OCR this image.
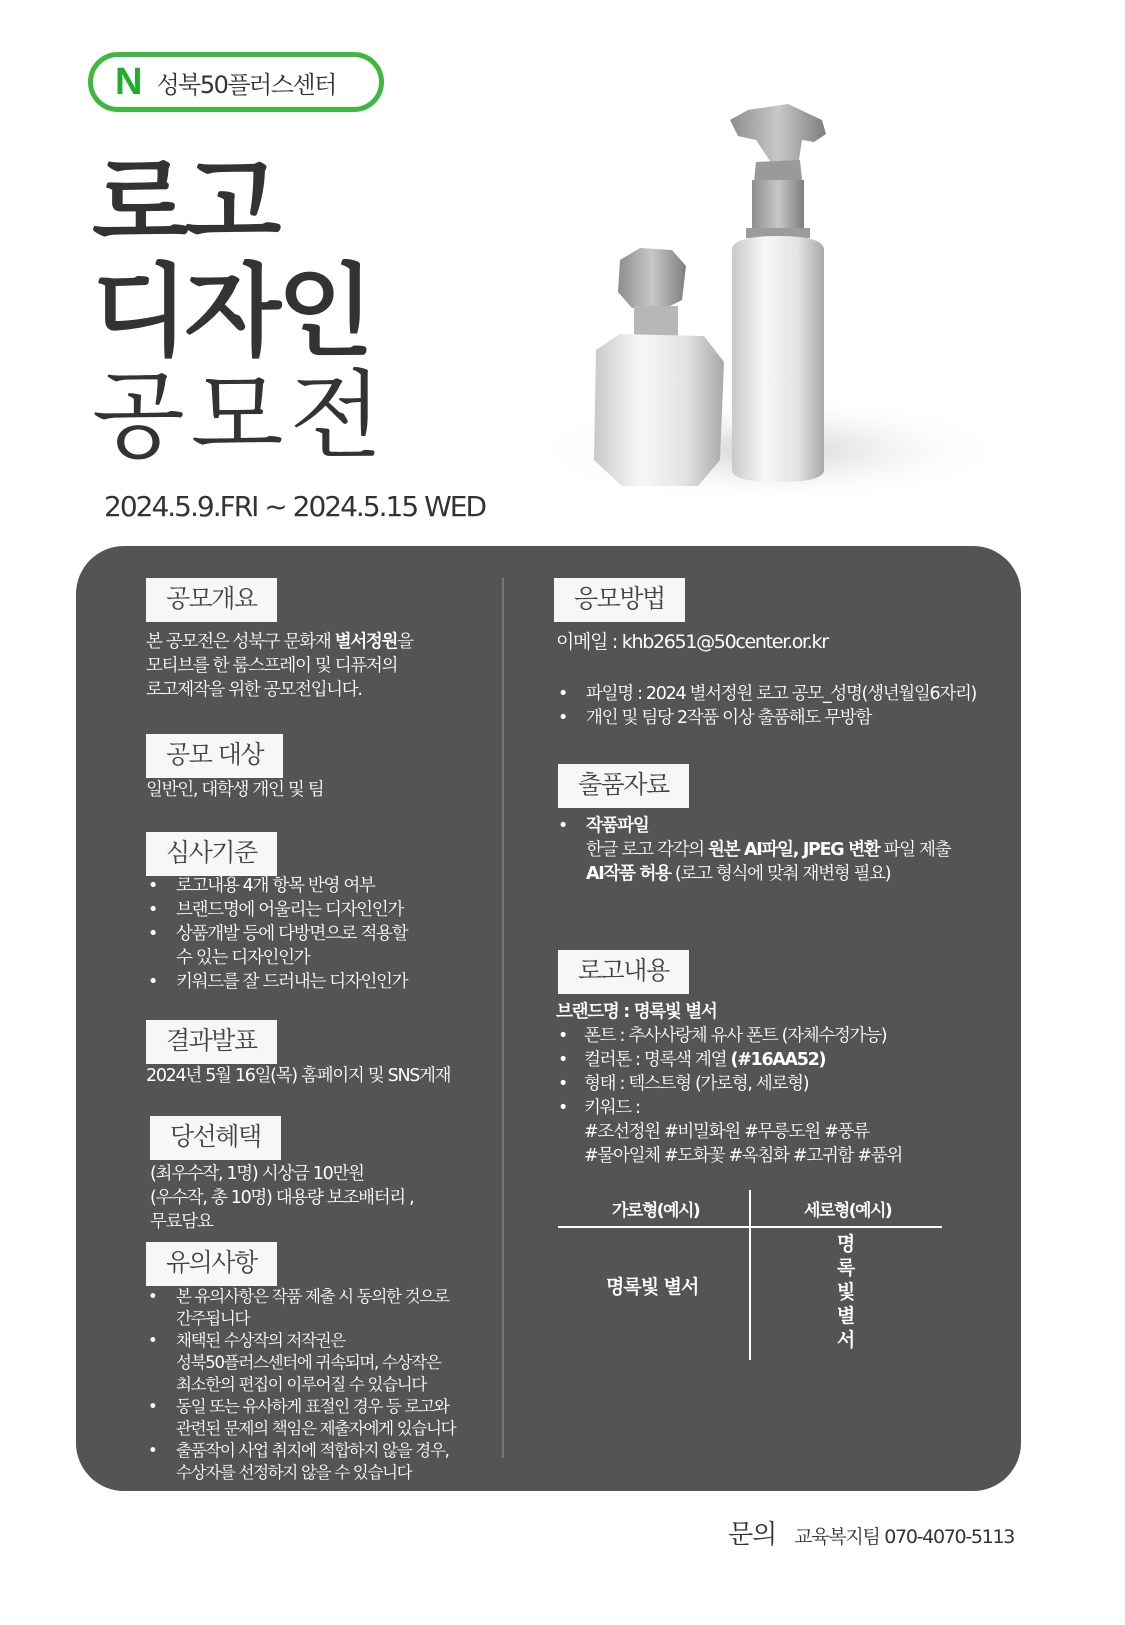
N 성북50플러스센터
로고
디자인
공모전
2024.5.9.FRI ~ 2024.5.15 WED
공모개요
본 공모전은 성북구 문화재 별서정원을
모티브를 한 룸스프레이 및 디퓨저의
로고제작을 위한 공모전입니다.
공모 대상
일반인, 대학생 개인 및 팀
심사기준
• 로고내용 4개 항목 반영 여부
• 브랜드명에 어울리는 디자인인가
• 상품개발 등에 다방면으로 적용할
수 있는 디자인인가
• 키워드를 잘 드러내는 디자인인가
결과발표
2024년 5월 16일(목) 홈페이지 및 SNS게재
당선혜택
(최우수작, 1명) 시상금 10만원
(우수작, 총 10명) 대용량 보조배터리 ,
무료담요
유의사항
• 본 유의사항은 작품 제출 시 동의한 것으로
간주됩니다
• 채택된 수상작의 저작권은
성북50플러스센터에 귀속되며, 수상작은
최소한의 편집이 이루어질 수 있습니다
• 동일 또는 유사하게 표절인 경우 등 로고와
관련된 문제의 책임은 제출자에게 있습니다
• 출품작이 사업 취지에 적합하지 않을 경우,
수상자를 선정하지 않을 수 있습니다
응모방법
이메일 : khb2651@50center.or.kr
• 파일명 : 2024 별서정원 로고 공모_성명(생년월일6자리)
• 개인 및 팀당 2작품 이상 출품해도 무방함
출품자료
• 작품파일
한글 로고 각각의 원본 AI파일, JPEG 변환 파일 제출
AI작품 허용 (로고 형식에 맞춰 재변형 필요)
로고내용
브랜드명 : 명록빛 별서
• 폰트 : 추사사랑체 유사 폰트 (자체수정가능)
• 컬러톤 : 명록색 계열 (#16AA52)
• 형태 : 텍스트형 (가로형, 세로형)
• 키워드 :
#조선정원 #비밀화원 #무릉도원 #풍류
#물아일체 #도화꽃 #옥침화 #고귀함 #품위
가로형(예시)	세로형(예시)
명록빛 별서
명록빛별서
문의 교육복지팀 070-4070-5113
